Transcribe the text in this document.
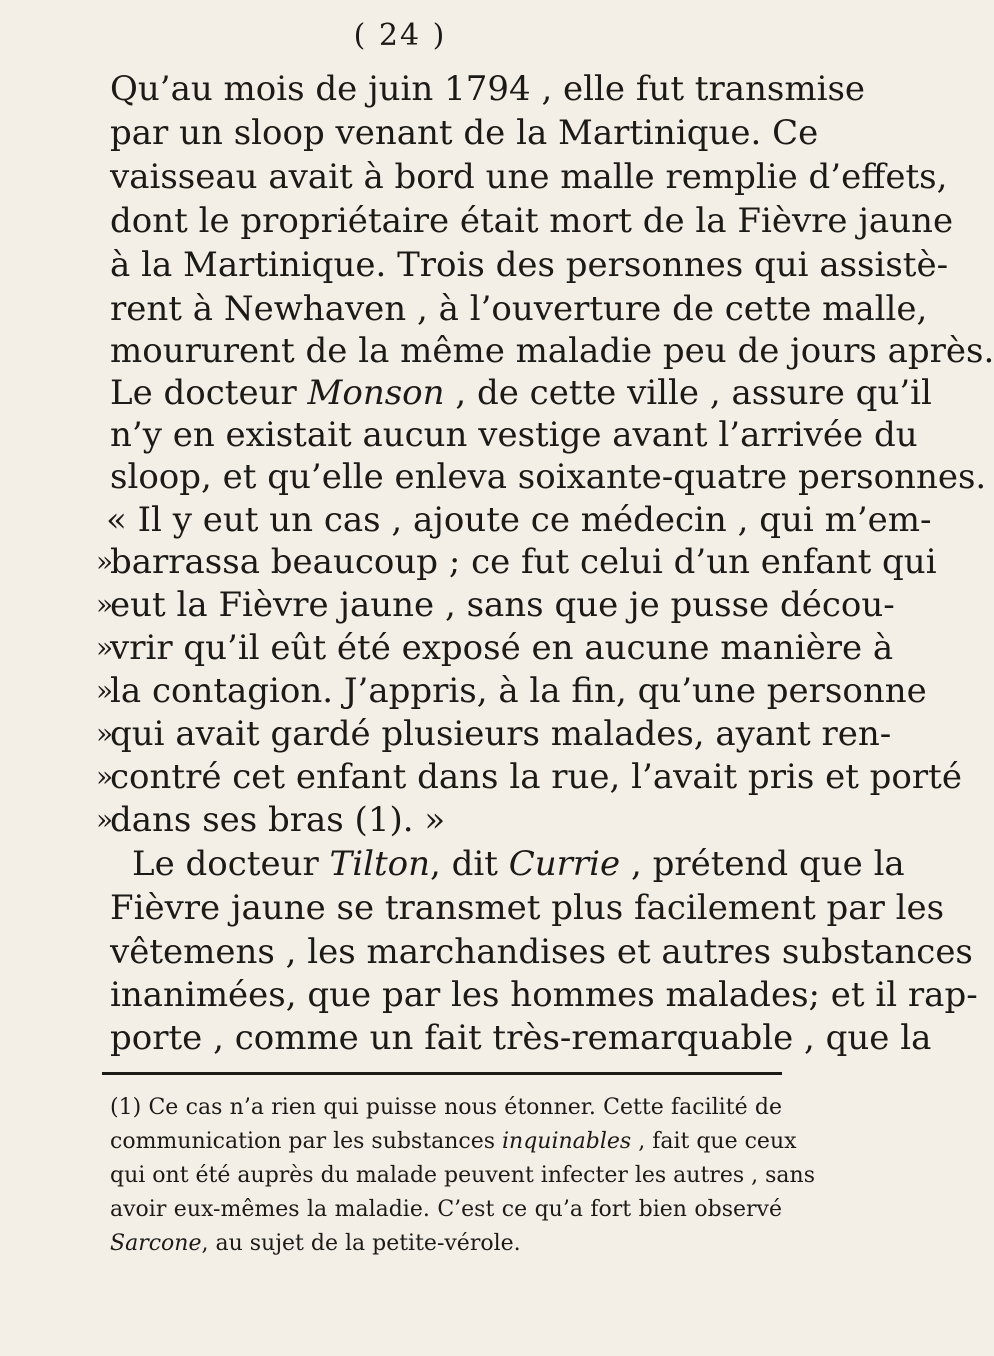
( 24 )
Qu’au mois de juin 1794 , elle fut transmise
par un sloop venant de la Martinique. Ce
vaisseau avait à bord une malle remplie d’effets,
dont le propriétaire était mort de la Fièvre jaune
à la Martinique. Trois des personnes qui assistè-
rent à Newhaven , à l’ouverture de cette malle,
moururent de la même maladie peu de jours après.
Le docteur Monson , de cette ville , assure qu’il
n’y en existait aucun vestige avant l’arrivée du
sloop, et qu’elle enleva soixante-quatre personnes.
« Il y eut un cas , ajoute ce médecin , qui m’em-
»
barrassa beaucoup ; ce fut celui d’un enfant qui
»
eut la Fièvre jaune , sans que je pusse décou-
»
vrir qu’il eût été exposé en aucune manière à
»
la contagion. J’appris, à la fin, qu’une personne
»
qui avait gardé plusieurs malades, ayant ren-
»
contré cet enfant dans la rue, l’avait pris et porté
»
dans ses bras (1). »
Le docteur Tilton, dit Currie , prétend que la
Fièvre jaune se transmet plus facilement par les
vêtemens , les marchandises et autres substances
inanimées, que par les hommes malades; et il rap-
porte , comme un fait très-remarquable , que la
(1) Ce cas n’a rien qui puisse nous étonner. Cette facilité de
communication par les substances inquinables , fait que ceux
qui ont été auprès du malade peuvent infecter les autres , sans
avoir eux-mêmes la maladie. C’est ce qu’a fort bien observé
Sarcone, au sujet de la petite-vérole.
